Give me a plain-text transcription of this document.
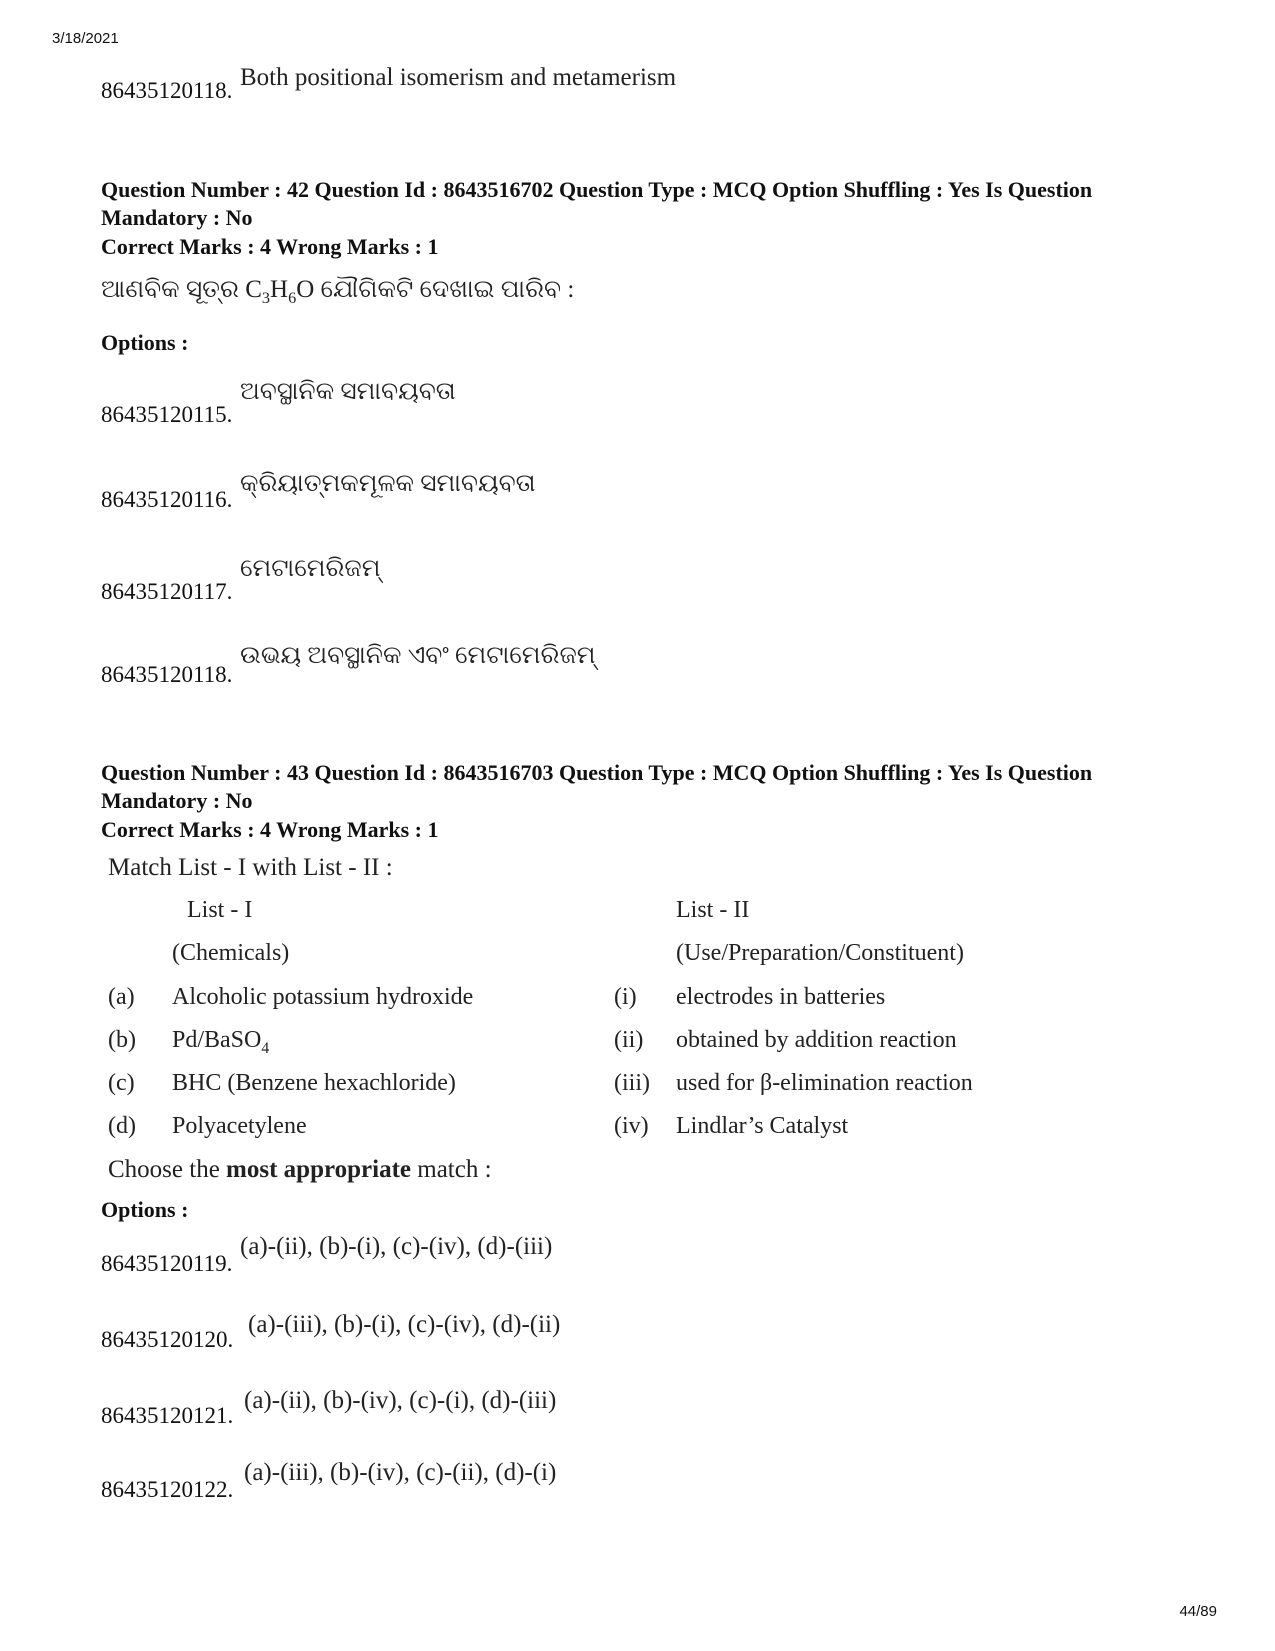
3/18/2021
44/89
86435120118. Both positional isomerism and metamerism
Question Number : 42 Question Id : 8643516702 Question Type : MCQ Option Shuffling : Yes Is Question Mandatory : No
Correct Marks : 4 Wrong Marks : 1
ଆଣବିକ ସୂତ୍ର $C_3H_6O$ ଯୌଗିକଟି ଦେଖାଇ ପାରିବ :
Options :
86435120115.
ଅବସ୍ଥାନିକ ସମାବୟବତା
86435120116.
କ୍ରିୟାତ୍ମକମୂଳକ ସମାବୟବତା
86435120117.
ମେଟାମେରିଜମ୍
86435120118.
ଉଭୟ ଅବସ୍ଥାନିକ ଏବଂ ମେଟାମେରିଜମ୍
Question Number : 43 Question Id : 8643516703 Question Type : MCQ Option Shuffling : Yes Is Question Mandatory : No
Correct Marks : 4 Wrong Marks : 1
Match List - I with List - II :
List - I
(Chemicals)
List - II
(Use/Preparation/Constituent)
(a) Alcoholic potassium hydroxide	(i) electrodes in batteries
(b) Pd/BaSO$_4$	(ii) obtained by addition reaction
(c) BHC (Benzene hexachloride)	(iii) used for β-elimination reaction
(d) Polyacetylene	(iv) Lindlar’s Catalyst
Choose the most appropriate match :
Options :
86435120119.
(a)-(ii), (b)-(i), (c)-(iv), (d)-(iii)
86435120120.
(a)-(iii), (b)-(i), (c)-(iv), (d)-(ii)
86435120121.
(a)-(ii), (b)-(iv), (c)-(i), (d)-(iii)
86435120122.
(a)-(iii), (b)-(iv), (c)-(ii), (d)-(i)
